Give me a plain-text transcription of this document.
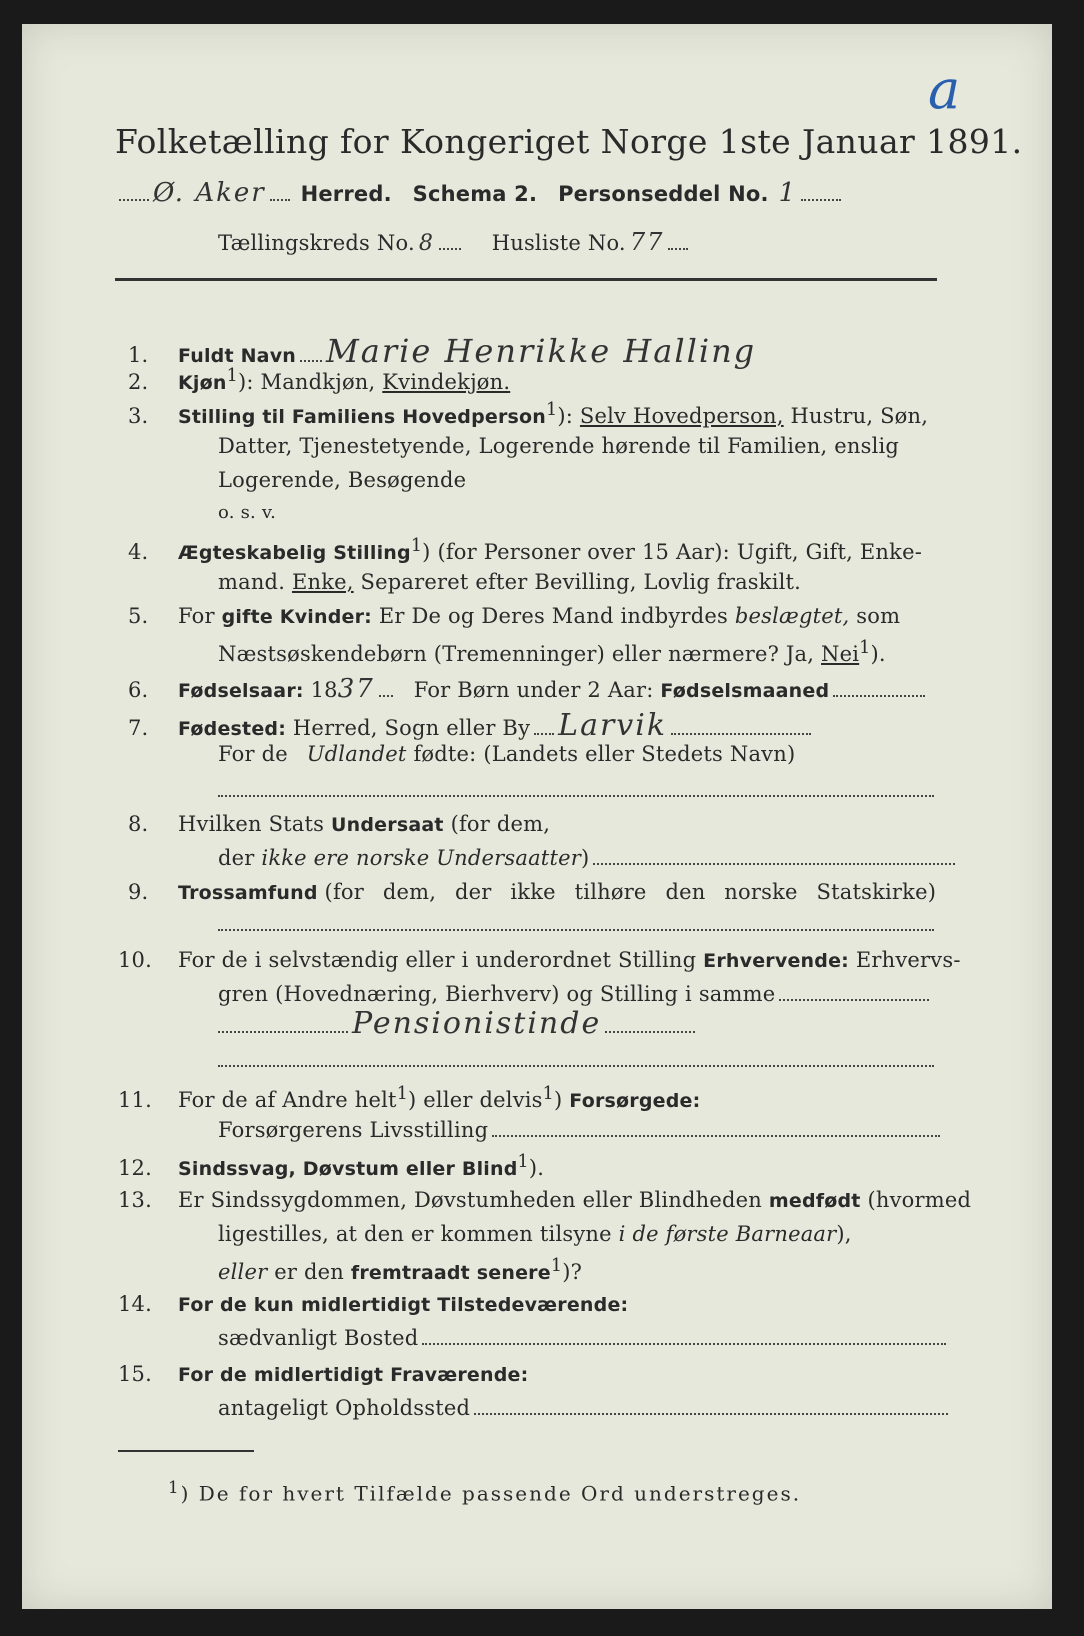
a
Folketælling for Kongeriget Norge 1ste Januar 1891.
Ø. Aker Herred. Schema 2. Personseddel No. 1
Tællingskreds No. 8	Husliste No. 77
1. Fuldt Navn Marie Henrikke Halling
2. Kjøn$^1$): Mandkjøn, Kvindekjøn.
3. Stilling til Familiens Hovedperson$^1$): Selv Hovedperson, Hustru, Søn,
Datter, Tjenestetyende, Logerende hørende til Familien, enslig
Logerende, Besøgende
o. s. v.
4. Ægteskabelig Stilling$^1$) (for Personer over 15 Aar): Ugift, Gift, Enke-
mand. Enke, Separeret efter Bevilling, Lovlig fraskilt.
5. For gifte Kvinder: Er De og Deres Mand indbyrdes beslægtet, som
Næstsøskendebørn (Tremenninger) eller nærmere? Ja, Nei$^1$).
6. Fødselsaar: 1837 For Børn under 2 Aar: Fødselsmaaned
7. Fødested: Herred, Sogn eller By Larvik
For de Udlandet fødte: (Landets eller Stedets Navn)
8. Hvilken Stats Undersaat (for dem,
der ikke ere norske Undersaatter)
9. Trossamfund (for dem, der ikke tilhøre den norske Statskirke)
10. For de i selvstændig eller i underordnet Stilling Erhvervende: Erhvervs-
gren (Hovednæring, Bierhverv) og Stilling i samme
Pensionistinde
11. For de af Andre helt$^1$) eller delvis$^1$) Forsørgede:
Forsørgerens Livsstilling
12. Sindssvag, Døvstum eller Blind$^1$).
13. Er Sindssygdommen, Døvstumheden eller Blindheden medfødt (hvormed
ligestilles, at den er kommen tilsyne i de første Barneaar),
eller er den fremtraadt senere$^1$)?
14. For de kun midlertidigt Tilstedeværende:
sædvanligt Bosted
15. For de midlertidigt Fraværende:
antageligt Opholdssted
$^1$) De for hvert Tilfælde passende Ord understreges.
